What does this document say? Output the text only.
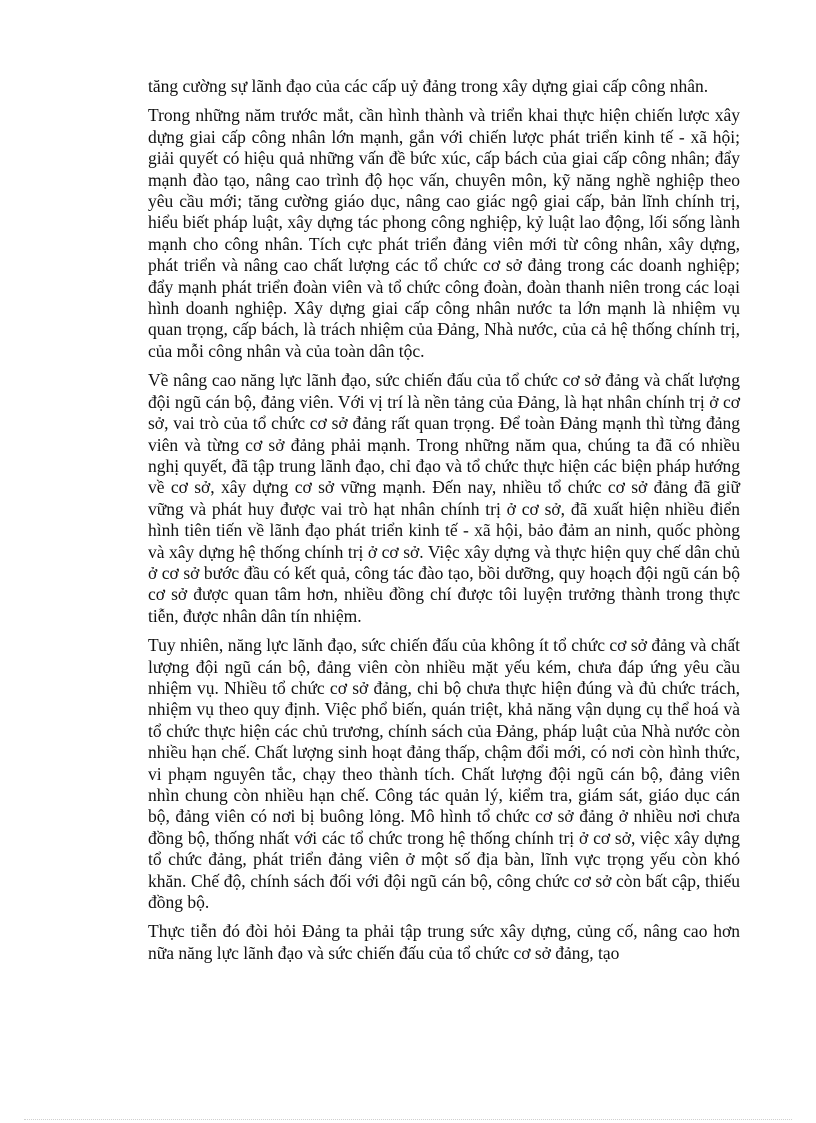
tăng cường sự lãnh đạo của các cấp uỷ đảng trong xây dựng giai cấp công nhân.

Trong những năm trước mắt, cần hình thành và triển khai thực hiện chiến lược xây dựng giai cấp công nhân lớn mạnh, gắn với chiến lược phát triển kinh tế - xã hội; giải quyết có hiệu quả những vấn đề bức xúc, cấp bách của giai cấp công nhân; đẩy mạnh đào tạo, nâng cao trình độ học vấn, chuyên môn, kỹ năng nghề nghiệp theo yêu cầu mới; tăng cường giáo dục, nâng cao giác ngộ giai cấp, bản lĩnh chính trị, hiểu biết pháp luật, xây dựng tác phong công nghiệp, kỷ luật lao động, lối sống lành mạnh cho công nhân. Tích cực phát triển đảng viên mới từ công nhân, xây dựng, phát triển và nâng cao chất lượng các tổ chức cơ sở đảng trong các doanh nghiệp; đẩy mạnh phát triển đoàn viên và tổ chức công đoàn, đoàn thanh niên trong các loại hình doanh nghiệp. Xây dựng giai cấp công nhân nước ta lớn mạnh là nhiệm vụ quan trọng, cấp bách, là trách nhiệm của Đảng, Nhà nước, của cả hệ thống chính trị, của mỗi công nhân và của toàn dân tộc.

Về nâng cao năng lực lãnh đạo, sức chiến đấu của tổ chức cơ sở đảng và chất lượng đội ngũ cán bộ, đảng viên. Với vị trí là nền tảng của Đảng, là hạt nhân chính trị ở cơ sở, vai trò của tổ chức cơ sở đảng rất quan trọng. Để toàn Đảng mạnh thì từng đảng viên và từng cơ sở đảng phải mạnh. Trong những năm qua, chúng ta đã có nhiều nghị quyết, đã tập trung lãnh đạo, chỉ đạo và tổ chức thực hiện các biện pháp hướng về cơ sở, xây dựng cơ sở vững mạnh. Đến nay, nhiều tổ chức cơ sở đảng đã giữ vững và phát huy được vai trò hạt nhân chính trị ở cơ sở, đã xuất hiện nhiều điển hình tiên tiến về lãnh đạo phát triển kinh tế - xã hội, bảo đảm an ninh, quốc phòng và xây dựng hệ thống chính trị ở cơ sở. Việc xây dựng và thực hiện quy chế dân chủ ở cơ sở bước đầu có kết quả, công tác đào tạo, bồi dưỡng, quy hoạch đội ngũ cán bộ cơ sở được quan tâm hơn, nhiều đồng chí được tôi luyện trưởng thành trong thực tiễn, được nhân dân tín nhiệm.

Tuy nhiên, năng lực lãnh đạo, sức chiến đấu của không ít tổ chức cơ sở đảng và chất lượng đội ngũ cán bộ, đảng viên còn nhiều mặt yếu kém, chưa đáp ứng yêu cầu nhiệm vụ. Nhiều tổ chức cơ sở đảng, chi bộ chưa thực hiện đúng và đủ chức trách, nhiệm vụ theo quy định. Việc phổ biến, quán triệt, khả năng vận dụng cụ thể hoá và tổ chức thực hiện các chủ trương, chính sách của Đảng, pháp luật của Nhà nước còn nhiều hạn chế. Chất lượng sinh hoạt đảng thấp, chậm đổi mới, có nơi còn hình thức, vi phạm nguyên tắc, chạy theo thành tích. Chất lượng đội ngũ cán bộ, đảng viên nhìn chung còn nhiều hạn chế. Công tác quản lý, kiểm tra, giám sát, giáo dục cán bộ, đảng viên có nơi bị buông lỏng. Mô hình tổ chức cơ sở đảng ở nhiều nơi chưa đồng bộ, thống nhất với các tổ chức trong hệ thống chính trị ở cơ sở, việc xây dựng tổ chức đảng, phát triển đảng viên ở một số địa bàn, lĩnh vực trọng yếu còn khó khăn. Chế độ, chính sách đối với đội ngũ cán bộ, công chức cơ sở còn bất cập, thiếu đồng bộ.

Thực tiễn đó đòi hỏi Đảng ta phải tập trung sức xây dựng, củng cố, nâng cao hơn nữa năng lực lãnh đạo và sức chiến đấu của tổ chức cơ sở đảng, tạo
